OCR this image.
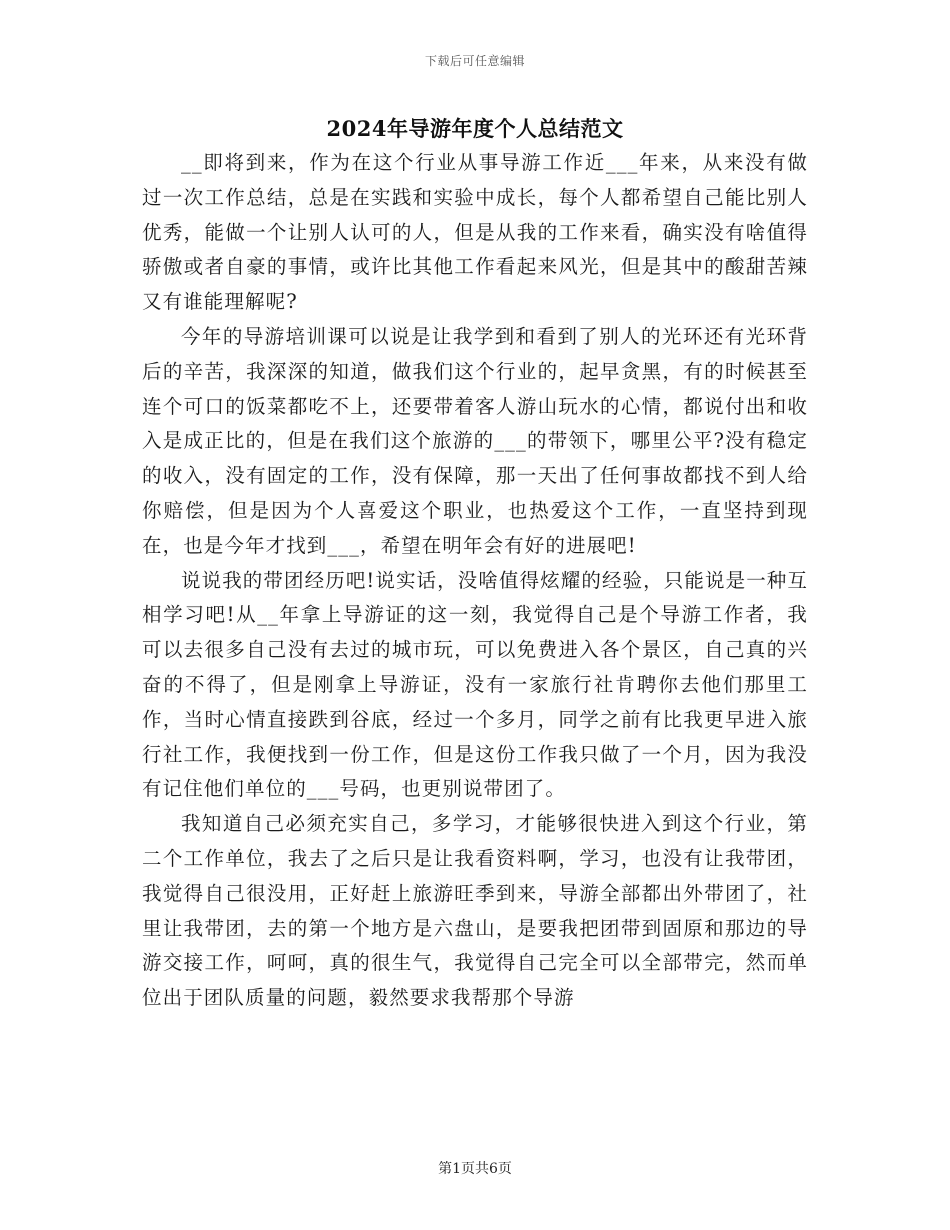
下载后可任意编辑
2024年导游年度个人总结范文

__即将到来，作为在这个行业从事导游工作近___年来，从来没有做过一次工作总结，总是在实践和实验中成长，每个人都希望自己能比别人优秀，能做一个让别人认可的人，但是从我的工作来看，确实没有啥值得骄傲或者自豪的事情，或许比其他工作看起来风光，但是其中的酸甜苦辣又有谁能理解呢?

今年的导游培训课可以说是让我学到和看到了别人的光环还有光环背后的辛苦，我深深的知道，做我们这个行业的，起早贪黑，有的时候甚至连个可口的饭菜都吃不上，还要带着客人游山玩水的心情，都说付出和收入是成正比的，但是在我们这个旅游的___的带领下，哪里公平?没有稳定的收入，没有固定的工作，没有保障，那一天出了任何事故都找不到人给你赔偿，但是因为个人喜爱这个职业，也热爱这个工作，一直坚持到现在，也是今年才找到___，希望在明年会有好的进展吧!

说说我的带团经历吧!说实话，没啥值得炫耀的经验，只能说是一种互相学习吧!从__年拿上导游证的这一刻，我觉得自己是个导游工作者，我可以去很多自己没有去过的城市玩，可以免费进入各个景区，自己真的兴奋的不得了，但是刚拿上导游证，没有一家旅行社肯聘你去他们那里工作，当时心情直接跌到谷底，经过一个多月，同学之前有比我更早进入旅行社工作，我便找到一份工作，但是这份工作我只做了一个月，因为我没有记住他们单位的___号码，也更别说带团了。

我知道自己必须充实自己，多学习，才能够很快进入到这个行业，第二个工作单位，我去了之后只是让我看资料啊，学习，也没有让我带团，我觉得自己很没用，正好赶上旅游旺季到来，导游全部都出外带团了，社里让我带团，去的第一个地方是六盘山，是要我把团带到固原和那边的导游交接工作，呵呵，真的很生气，我觉得自己完全可以全部带完，然而单位出于团队质量的问题，毅然要求我帮那个导游

第1页共6页
